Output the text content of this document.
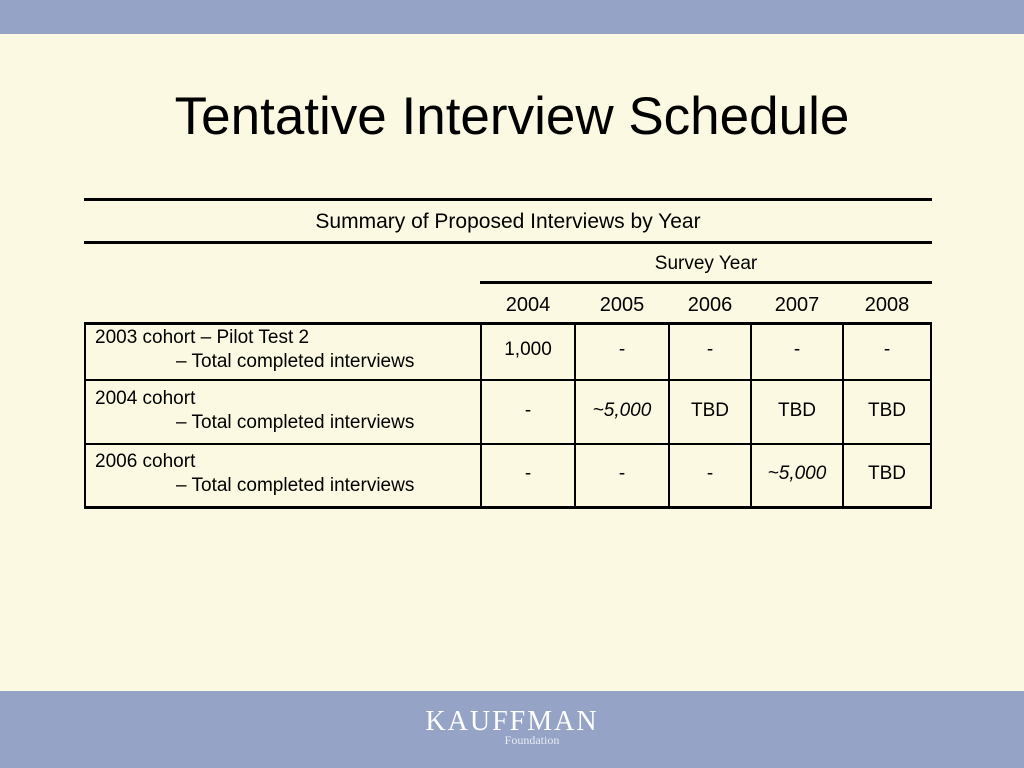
Tentative Interview Schedule
Summary of Proposed Interviews by Year
Survey Year
2004	2005	2006	2007	2008
2003 cohort – Pilot Test 2
– Total completed interviews
1,000	-	-	-	-
2004 cohort
– Total completed interviews
-	~5,000	TBD	TBD	TBD
2006 cohort
– Total completed interviews
-	-	-	~5,000	TBD
KAUFFMAN
Foundation
